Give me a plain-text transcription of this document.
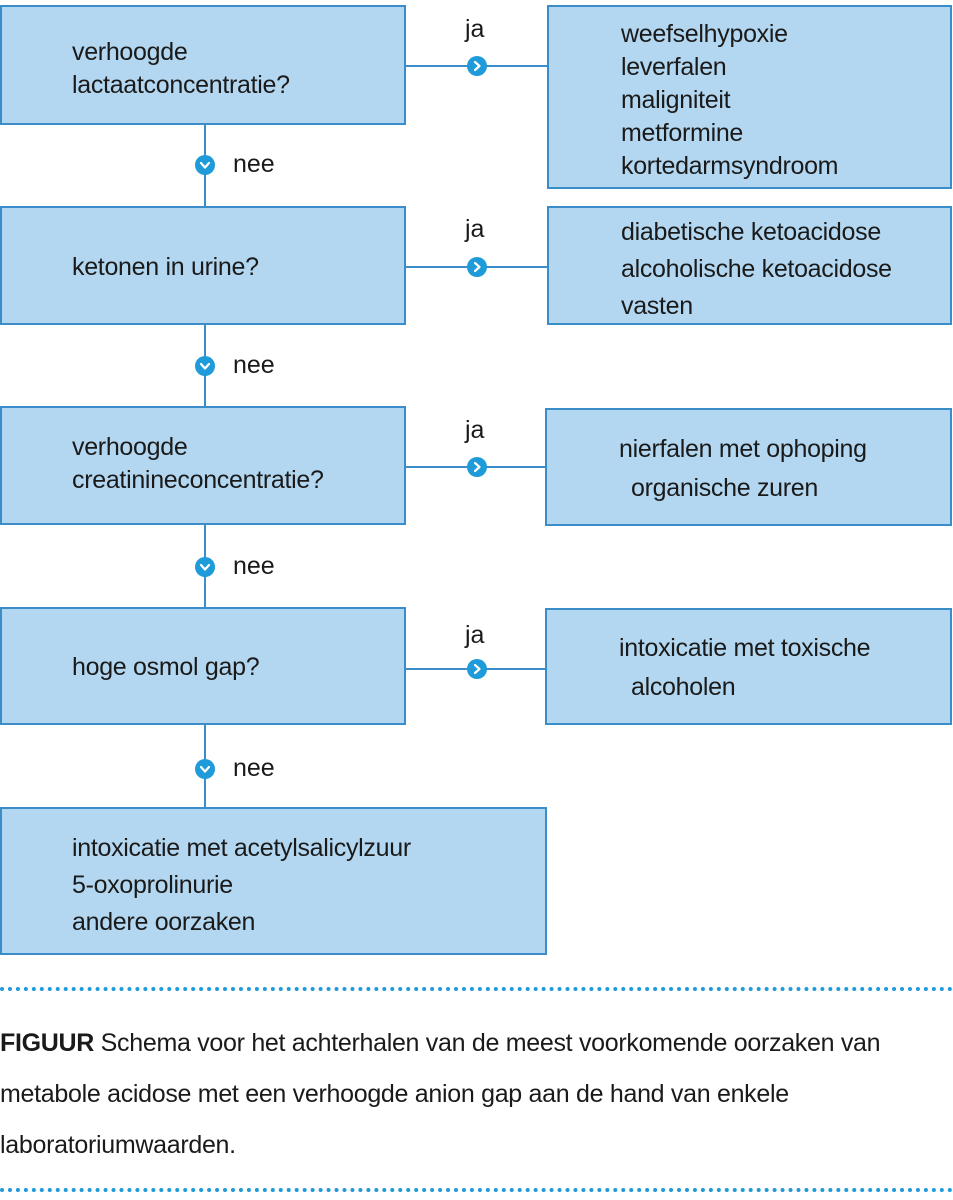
verhoogde
lactaatconcentratie?
ketonen in urine?
verhoogde
creatinineconcentratie?
hoge osmol gap?
weefselhypoxie
leverfalen
maligniteit
metformine
kortedarmsyndroom
diabetische ketoacidose
alcoholische ketoacidose
vasten
nierfalen met ophoping
organische zuren
intoxicatie met toxische
alcoholen
intoxicatie met acetylsalicylzuur
5-oxoprolinurie
andere oorzaken
ja
ja
ja
ja
nee
nee
nee
nee
FIGUUR Schema voor het achterhalen van de meest voorkomende oorzaken van metabole acidose met een verhoogde anion gap aan de hand van enkele laboratoriumwaarden.
